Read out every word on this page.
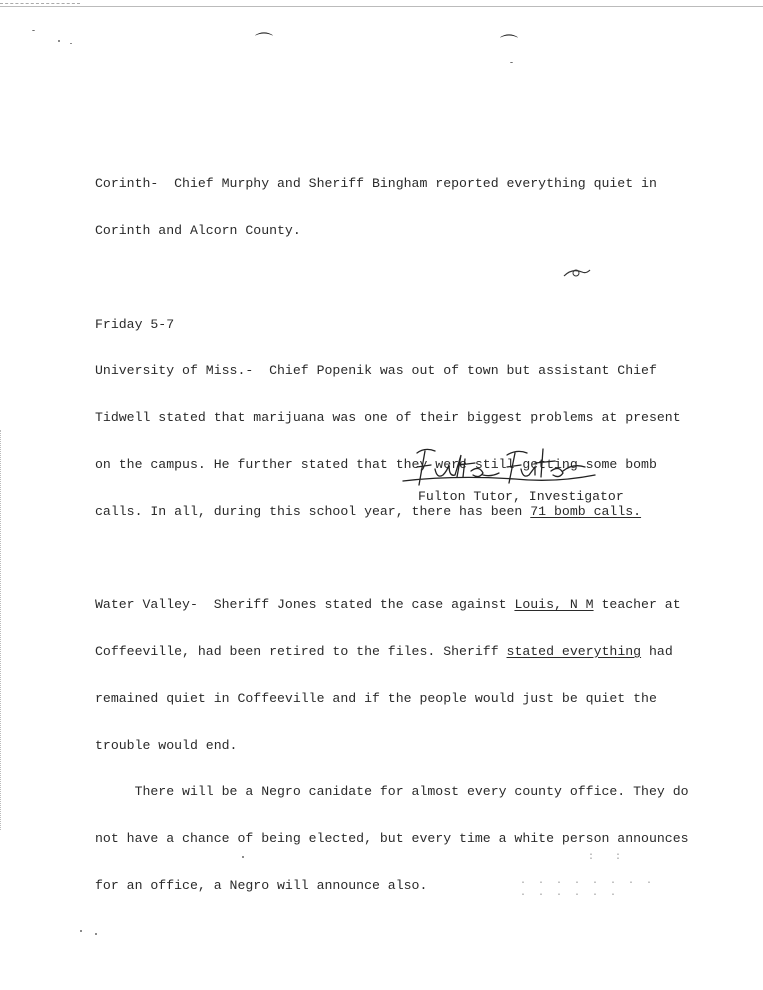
⌒	⌒
:  :
. . . . . . . .
. . . . . .

Corinth-  Chief Murphy and Sheriff Bingham reported everything quiet in

Corinth and Alcorn County.

Friday 5-7

University of Miss.-  Chief Popenik was out of town but assistant Chief

Tidwell stated that marijuana was one of their biggest problems at present

on the campus. He further stated that they were still getting some bomb

calls. In all, during this school year, there has been 71 bomb calls.

Water Valley-  Sheriff Jones stated the case against Louis, N M teacher at

Coffeeville, had been retired to the files. Sheriff stated everything had

remained quiet in Coffeeville and if the people would just be quiet the

trouble would end.

There will be a Negro canidate for almost every county office. They do

not have a chance of being elected, but every time a white person announces

for an office, a Negro will announce also.

Fulton Tutor, Investigator
